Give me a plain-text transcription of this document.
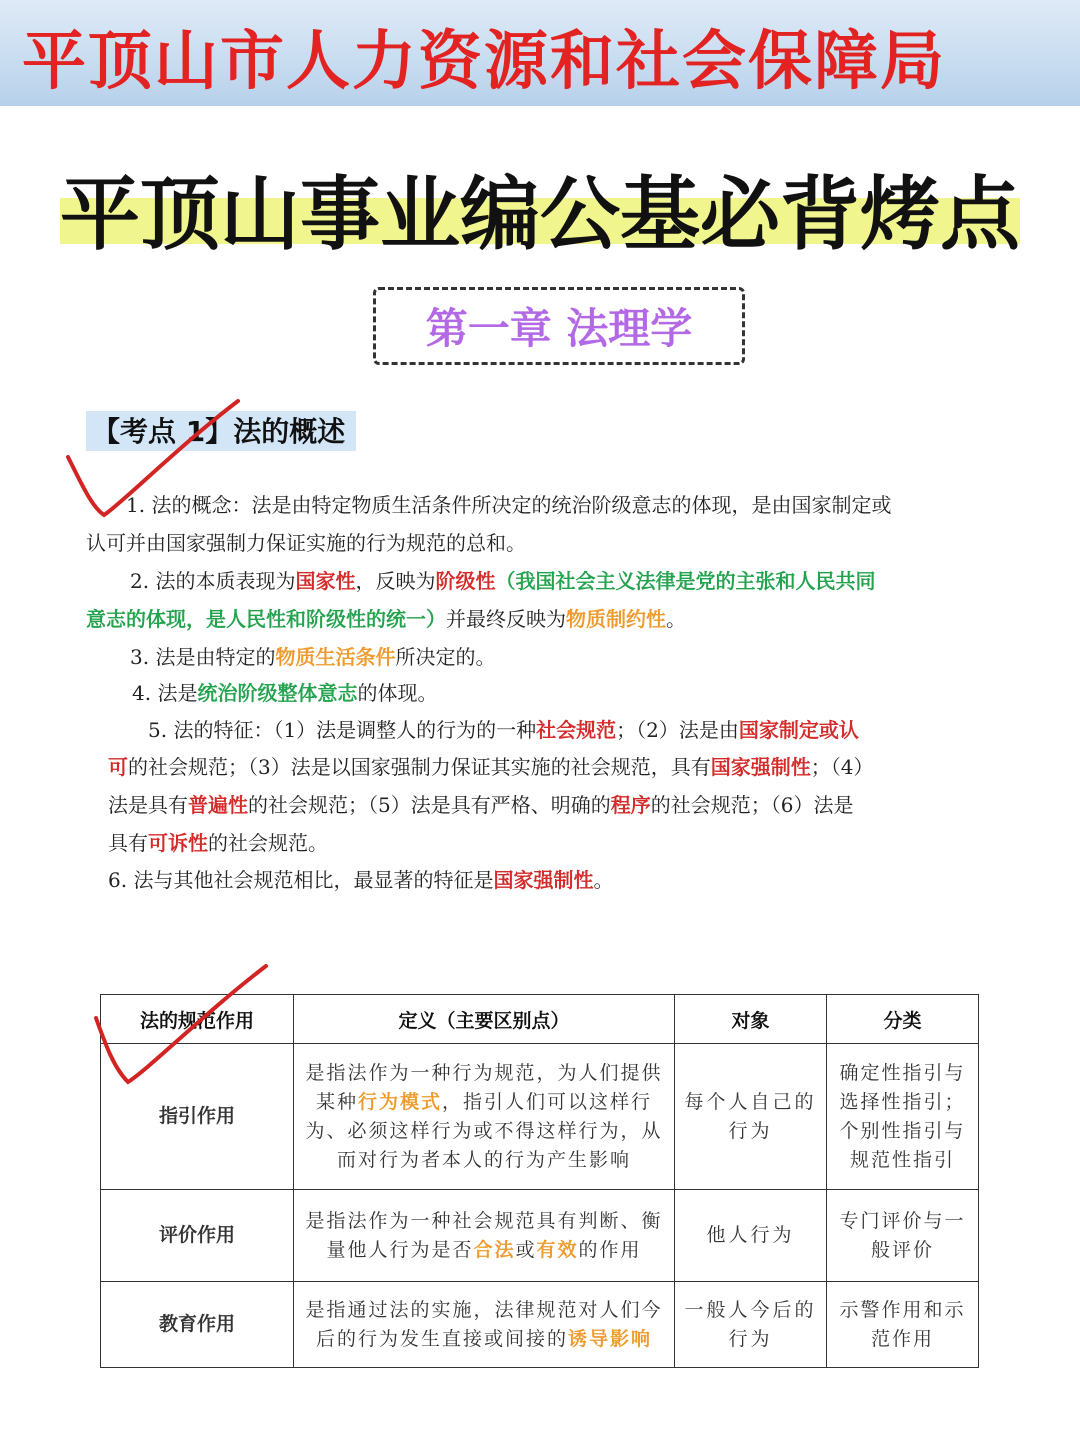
平顶山市人力资源和社会保障局
平顶山事业编公基必背烤点
第一章 法理学
【考点 1】法的概述
1. 法的概念：法是由特定物质生活条件所决定的统治阶级意志的体现，是由国家制定或
认可并由国家强制力保证实施的行为规范的总和。
2. 法的本质表现为国家性，反映为阶级性（我国社会主义法律是党的主张和人民共同
意志的体现，是人民性和阶级性的统一）并最终反映为物质制约性。
3. 法是由特定的物质生活条件所决定的。
4. 法是统治阶级整体意志的体现。
5. 法的特征：（1）法是调整人的行为的一种社会规范；（2）法是由国家制定或认
可的社会规范；（3）法是以国家强制力保证其实施的社会规范，具有国家强制性；（4）
法是具有普遍性的社会规范；（5）法是具有严格、明确的程序的社会规范；（6）法是
具有可诉性的社会规范。
6. 法与其他社会规范相比，最显著的特征是国家强制性。
法的规范作用	定义（主要区别点）	对象	分类
指引作用	是指法作为一种行为规范，为人们提供某种行为模式，指引人们可以这样行为、必须这样行为或不得这样行为，从而对行为者本人的行为产生影响	每个人自己的行为	确定性指引与选择性指引；个别性指引与规范性指引
评价作用	是指法作为一种社会规范具有判断、衡量他人行为是否合法或有效的作用	他人行为	专门评价与一般评价
教育作用	是指通过法的实施，法律规范对人们今后的行为发生直接或间接的诱导影响	一般人今后的行为	示警作用和示范作用
